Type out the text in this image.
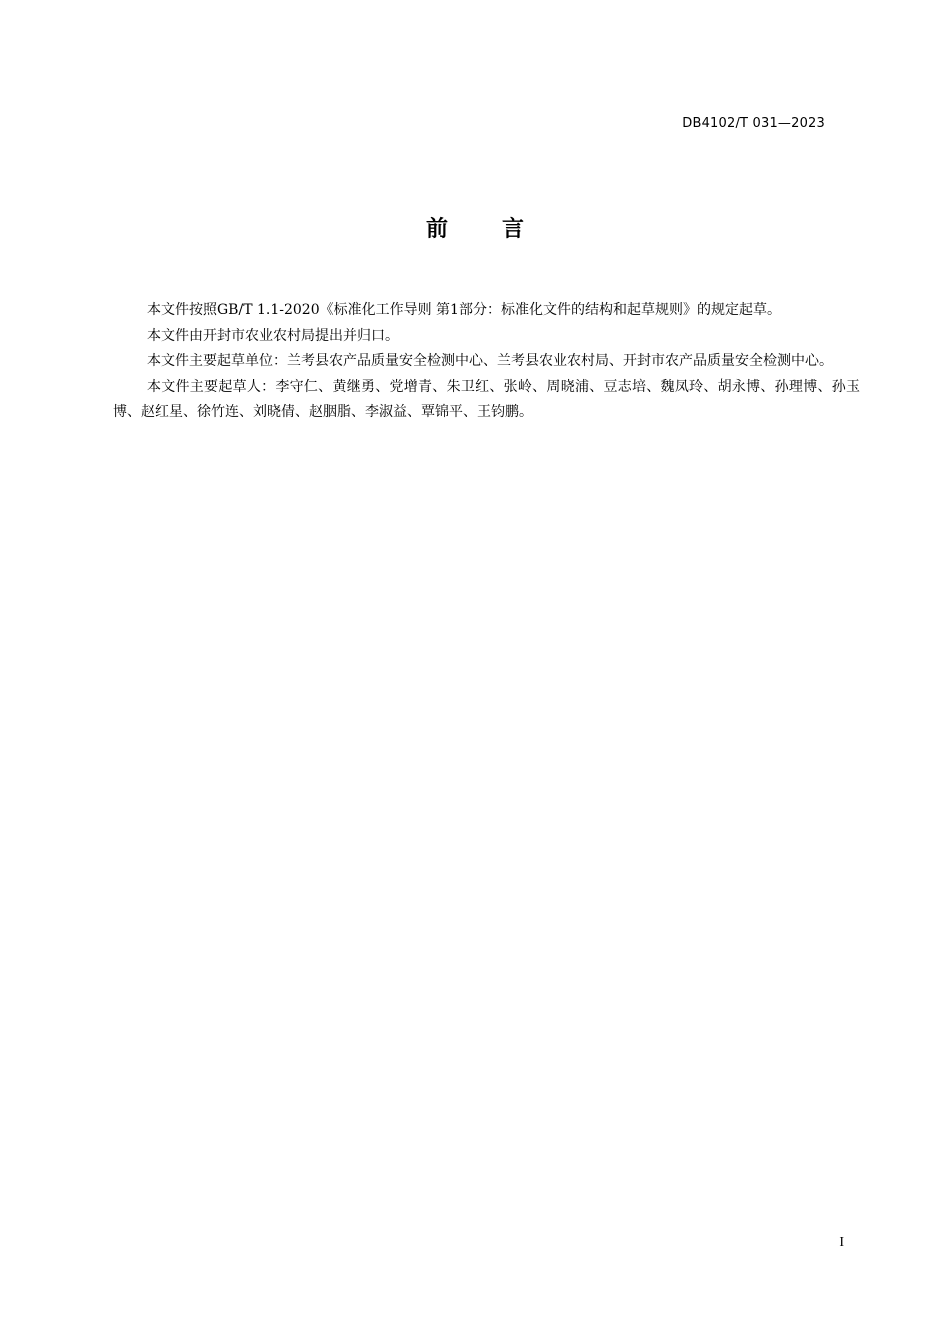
DB4102/T 031—2023
前 言

本文件按照GB/T 1.1-2020《标准化工作导则 第1部分：标准化文件的结构和起草规则》的规定起草。

本文件由开封市农业农村局提出并归口。

本文件主要起草单位：兰考县农产品质量安全检测中心、兰考县农业农村局、开封市农产品质量安全检测中心。

本文件主要起草人：李守仁、黄继勇、党增青、朱卫红、张岭、周晓浦、豆志培、魏凤玲、胡永博、孙理博、孙玉博、赵红星、徐竹连、刘晓倩、赵胭脂、李淑益、覃锦平、王钧鹏。

I
